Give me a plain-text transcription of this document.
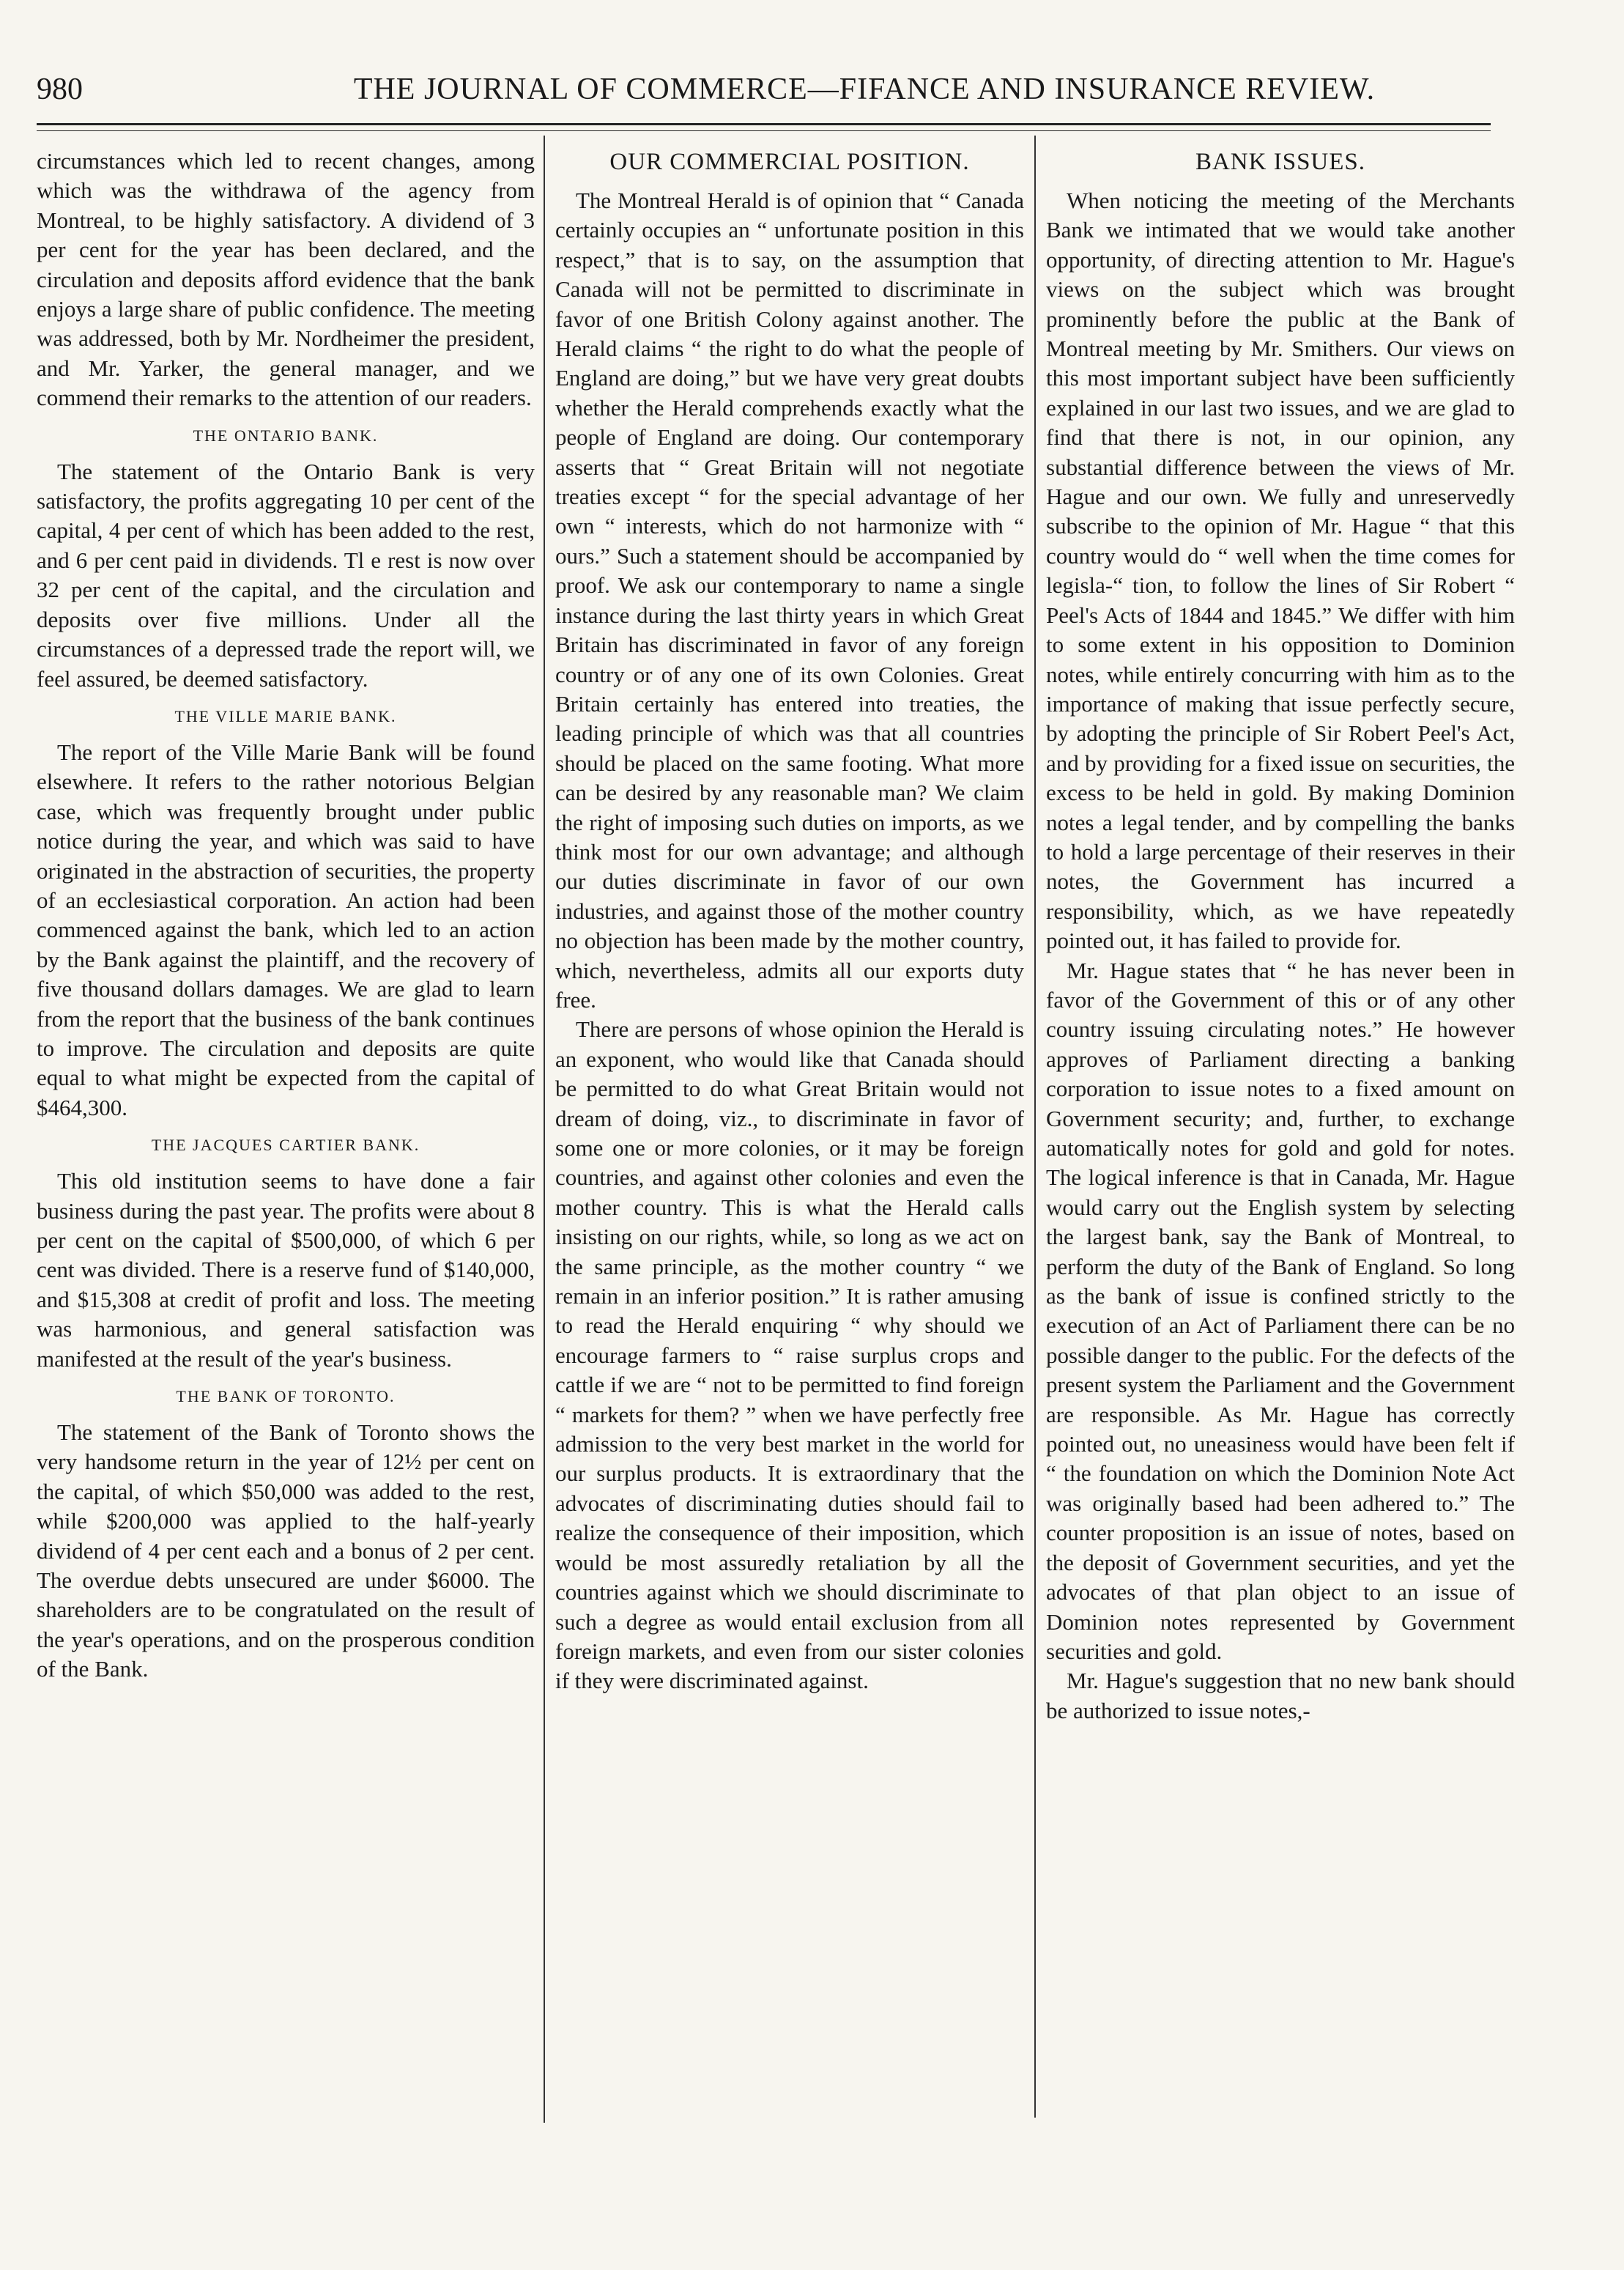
980	THE JOURNAL OF COMMERCE—FIFANCE AND INSURANCE REVIEW.

circumstances which led to recent changes, among which was the withdrawa of the agency from Montreal, to be highly satisfactory. A dividend of 3 per cent for the year has been declared, and the circulation and deposits afford evidence that the bank enjoys a large share of public confidence. The meeting was addressed, both by Mr. Nordheimer the president, and Mr. Yarker, the general manager, and we commend their remarks to the attention of our readers.

THE ONTARIO BANK.

The statement of the Ontario Bank is very satisfactory, the profits aggregating 10 per cent of the capital, 4 per cent of which has been added to the rest, and 6 per cent paid in dividends. Tl e rest is now over 32 per cent of the capital, and the circulation and deposits over five millions. Under all the circumstances of a depressed trade the report will, we feel assured, be deemed satisfactory.

THE VILLE MARIE BANK.

The report of the Ville Marie Bank will be found elsewhere. It refers to the rather notorious Belgian case, which was frequently brought under public notice during the year, and which was said to have originated in the abstraction of securities, the property of an ecclesiastical corporation. An action had been commenced against the bank, which led to an action by the Bank against the plaintiff, and the recovery of five thousand dollars damages. We are glad to learn from the report that the business of the bank continues to improve. The circulation and deposits are quite equal to what might be expected from the capital of $464,300.

THE JACQUES CARTIER BANK.

This old institution seems to have done a fair business during the past year. The profits were about 8 per cent on the capital of $500,000, of which 6 per cent was divided. There is a reserve fund of $140,000, and $15,308 at credit of profit and loss. The meeting was harmonious, and general satisfaction was manifested at the result of the year's business.

THE BANK OF TORONTO.

The statement of the Bank of Toronto shows the very handsome return in the year of 12½ per cent on the capital, of which $50,000 was added to the rest, while $200,000 was applied to the half-yearly dividend of 4 per cent each and a bonus of 2 per cent. The overdue debts unsecured are under $6000. The shareholders are to be congratulated on the result of the year's operations, and on the prosperous condition of the Bank.

OUR COMMERCIAL POSITION.

The Montreal Herald is of opinion that “ Canada certainly occupies an “ unfortunate position in this respect,” that is to say, on the assumption that Canada will not be permitted to discriminate in favor of one British Colony against another. The Herald claims “ the right to do what the people of England are doing,” but we have very great doubts whether the Herald comprehends exactly what the people of England are doing. Our contemporary asserts that “ Great Britain will not negotiate treaties except “ for the special advantage of her own “ interests, which do not harmonize with “ ours.” Such a statement should be accompanied by proof. We ask our contemporary to name a single instance during the last thirty years in which Great Britain has discriminated in favor of any foreign country or of any one of its own Colonies. Great Britain certainly has entered into treaties, the leading principle of which was that all countries should be placed on the same footing. What more can be desired by any reasonable man? We claim the right of imposing such duties on imports, as we think most for our own advantage; and although our duties discriminate in favor of our own industries, and against those of the mother country no objection has been made by the mother country, which, nevertheless, admits all our exports duty free.

There are persons of whose opinion the Herald is an exponent, who would like that Canada should be permitted to do what Great Britain would not dream of doing, viz., to discriminate in favor of some one or more colonies, or it may be foreign countries, and against other colonies and even the mother country. This is what the Herald calls insisting on our rights, while, so long as we act on the same principle, as the mother country “ we remain in an inferior position.” It is rather amusing to read the Herald enquiring “ why should we encourage farmers to “ raise surplus crops and cattle if we are “ not to be permitted to find foreign “ markets for them? ” when we have perfectly free admission to the very best market in the world for our surplus products. It is extraordinary that the advocates of discriminating duties should fail to realize the consequence of their imposition, which would be most assuredly retaliation by all the countries against which we should discriminate to such a degree as would entail exclusion from all foreign markets, and even from our sister colonies if they were discriminated against.

BANK ISSUES.

When noticing the meeting of the Merchants Bank we intimated that we would take another opportunity, of directing attention to Mr. Hague's views on the subject which was brought prominently before the public at the Bank of Montreal meeting by Mr. Smithers. Our views on this most important subject have been sufficiently explained in our last two issues, and we are glad to find that there is not, in our opinion, any substantial difference between the views of Mr. Hague and our own. We fully and unreservedly subscribe to the opinion of Mr. Hague “ that this country would do “ well when the time comes for legisla-“ tion, to follow the lines of Sir Robert “ Peel's Acts of 1844 and 1845.” We differ with him to some extent in his opposition to Dominion notes, while entirely concurring with him as to the importance of making that issue perfectly secure, by adopting the principle of Sir Robert Peel's Act, and by providing for a fixed issue on securities, the excess to be held in gold. By making Dominion notes a legal tender, and by compelling the banks to hold a large percentage of their reserves in their notes, the Government has incurred a responsibility, which, as we have repeatedly pointed out, it has failed to provide for.

Mr. Hague states that “ he has never been in favor of the Government of this or of any other country issuing circulating notes.” He however approves of Parliament directing a banking corporation to issue notes to a fixed amount on Government security; and, further, to exchange automatically notes for gold and gold for notes. The logical inference is that in Canada, Mr. Hague would carry out the English system by selecting the largest bank, say the Bank of Montreal, to perform the duty of the Bank of England. So long as the bank of issue is confined strictly to the execution of an Act of Parliament there can be no possible danger to the public. For the defects of the present system the Parliament and the Government are responsible. As Mr. Hague has correctly pointed out, no uneasiness would have been felt if “ the foundation on which the Dominion Note Act was originally based had been adhered to.” The counter proposition is an issue of notes, based on the deposit of Government securities, and yet the advocates of that plan object to an issue of Dominion notes represented by Government securities and gold.

Mr. Hague's suggestion that no new bank should be authorized to issue notes,-
